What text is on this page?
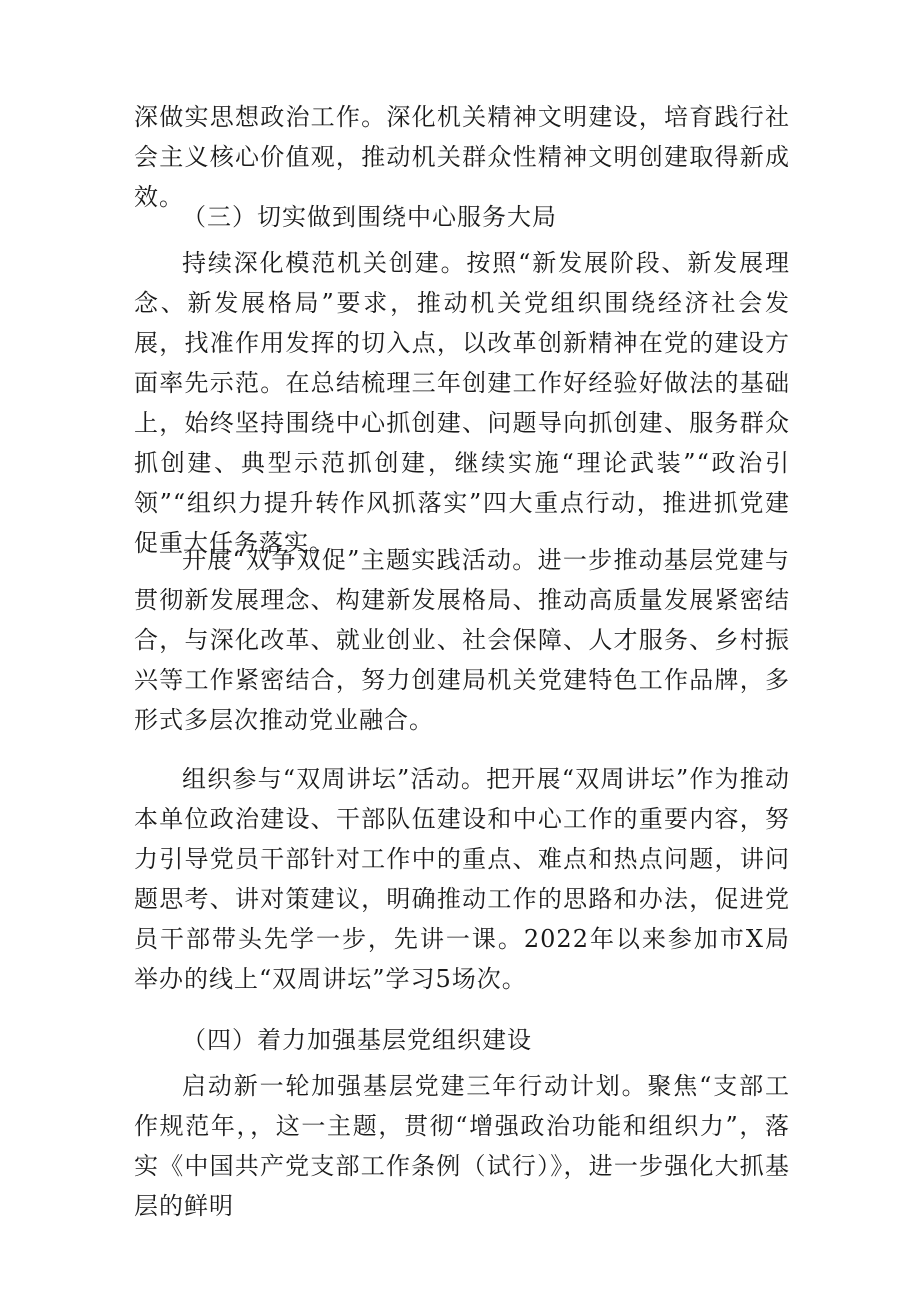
深做实思想政治工作。深化机关精神文明建设，培育践行社会主义核心价值观，推动机关群众性精神文明创建取得新成效。

（三）切实做到围绕中心服务大局

持续深化模范机关创建。按照“新发展阶段、新发展理念、新发展格局”要求，推动机关党组织围绕经济社会发展，找准作用发挥的切入点，以改革创新精神在党的建设方面率先示范。在总结梳理三年创建工作好经验好做法的基础上，始终坚持围绕中心抓创建、问题导向抓创建、服务群众抓创建、典型示范抓创建，继续实施“理论武装”“政治引领”“组织力提升转作风抓落实”四大重点行动，推进抓党建促重大任务落实。

开展“双争双促”主题实践活动。进一步推动基层党建与贯彻新发展理念、构建新发展格局、推动高质量发展紧密结合，与深化改革、就业创业、社会保障、人才服务、乡村振兴等工作紧密结合，努力创建局机关党建特色工作品牌，多形式多层次推动党业融合。

组织参与“双周讲坛”活动。把开展“双周讲坛”作为推动本单位政治建设、干部队伍建设和中心工作的重要内容，努力引导党员干部针对工作中的重点、难点和热点问题，讲问题思考、讲对策建议，明确推动工作的思路和办法，促进党员干部带头先学一步，先讲一课。2022年以来参加市X局举办的线上“双周讲坛”学习5场次。

（四）着力加强基层党组织建设

启动新一轮加强基层党建三年行动计划。聚焦“支部工作规范年，，这一主题，贯彻“增强政治功能和组织力”，落实《中国共产党支部工作条例（试行）》，进一步强化大抓基层的鲜明
